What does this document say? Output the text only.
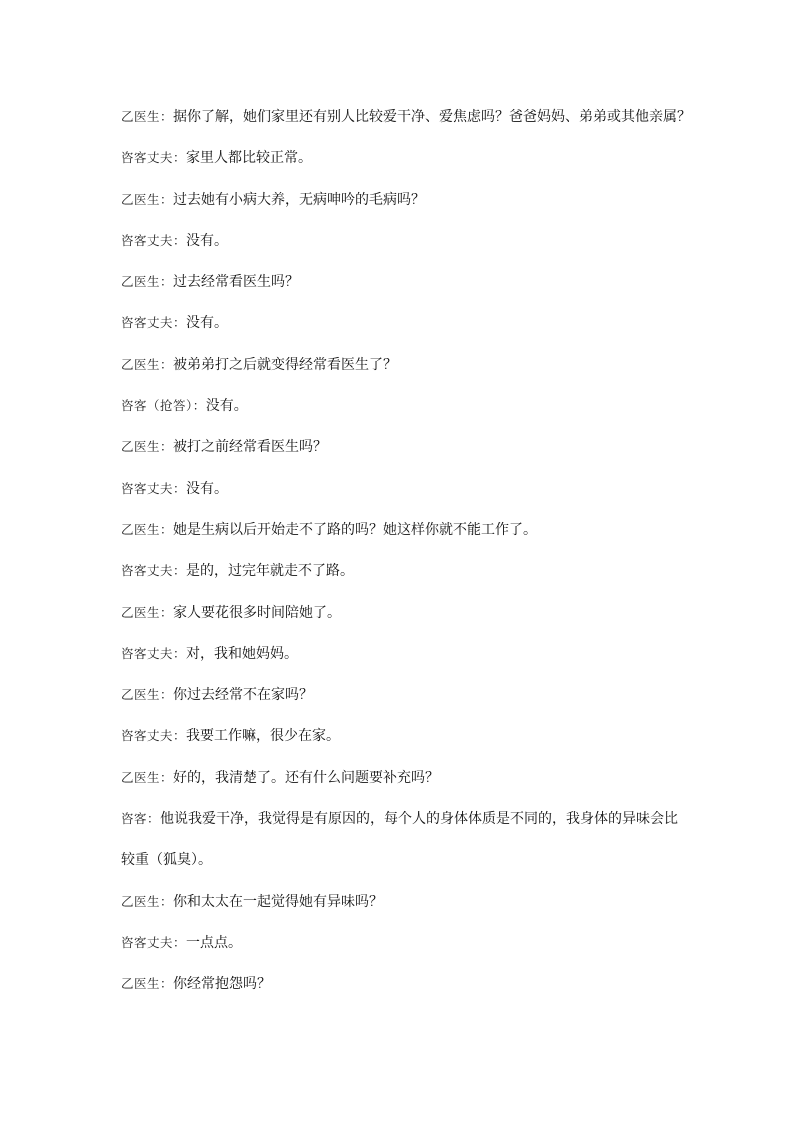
乙医生：据你了解，她们家里还有别人比较爱干净、爱焦虑吗？爸爸妈妈、弟弟或其他亲属？
咨客丈夫：家里人都比较正常。
乙医生：过去她有小病大养，无病呻吟的毛病吗？
咨客丈夫：没有。
乙医生：过去经常看医生吗？
咨客丈夫：没有。
乙医生：被弟弟打之后就变得经常看医生了？
咨客（抢答）：没有。
乙医生：被打之前经常看医生吗？
咨客丈夫：没有。
乙医生：她是生病以后开始走不了路的吗？她这样你就不能工作了。
咨客丈夫：是的，过完年就走不了路。
乙医生：家人要花很多时间陪她了。
咨客丈夫：对，我和她妈妈。
乙医生：你过去经常不在家吗？
咨客丈夫：我要工作嘛，很少在家。
乙医生：好的，我清楚了。还有什么问题要补充吗？
咨客：他说我爱干净，我觉得是有原因的，每个人的身体体质是不同的，我身体的异味会比
较重（狐臭）。
乙医生：你和太太在一起觉得她有异味吗？
咨客丈夫：一点点。
乙医生：你经常抱怨吗？
